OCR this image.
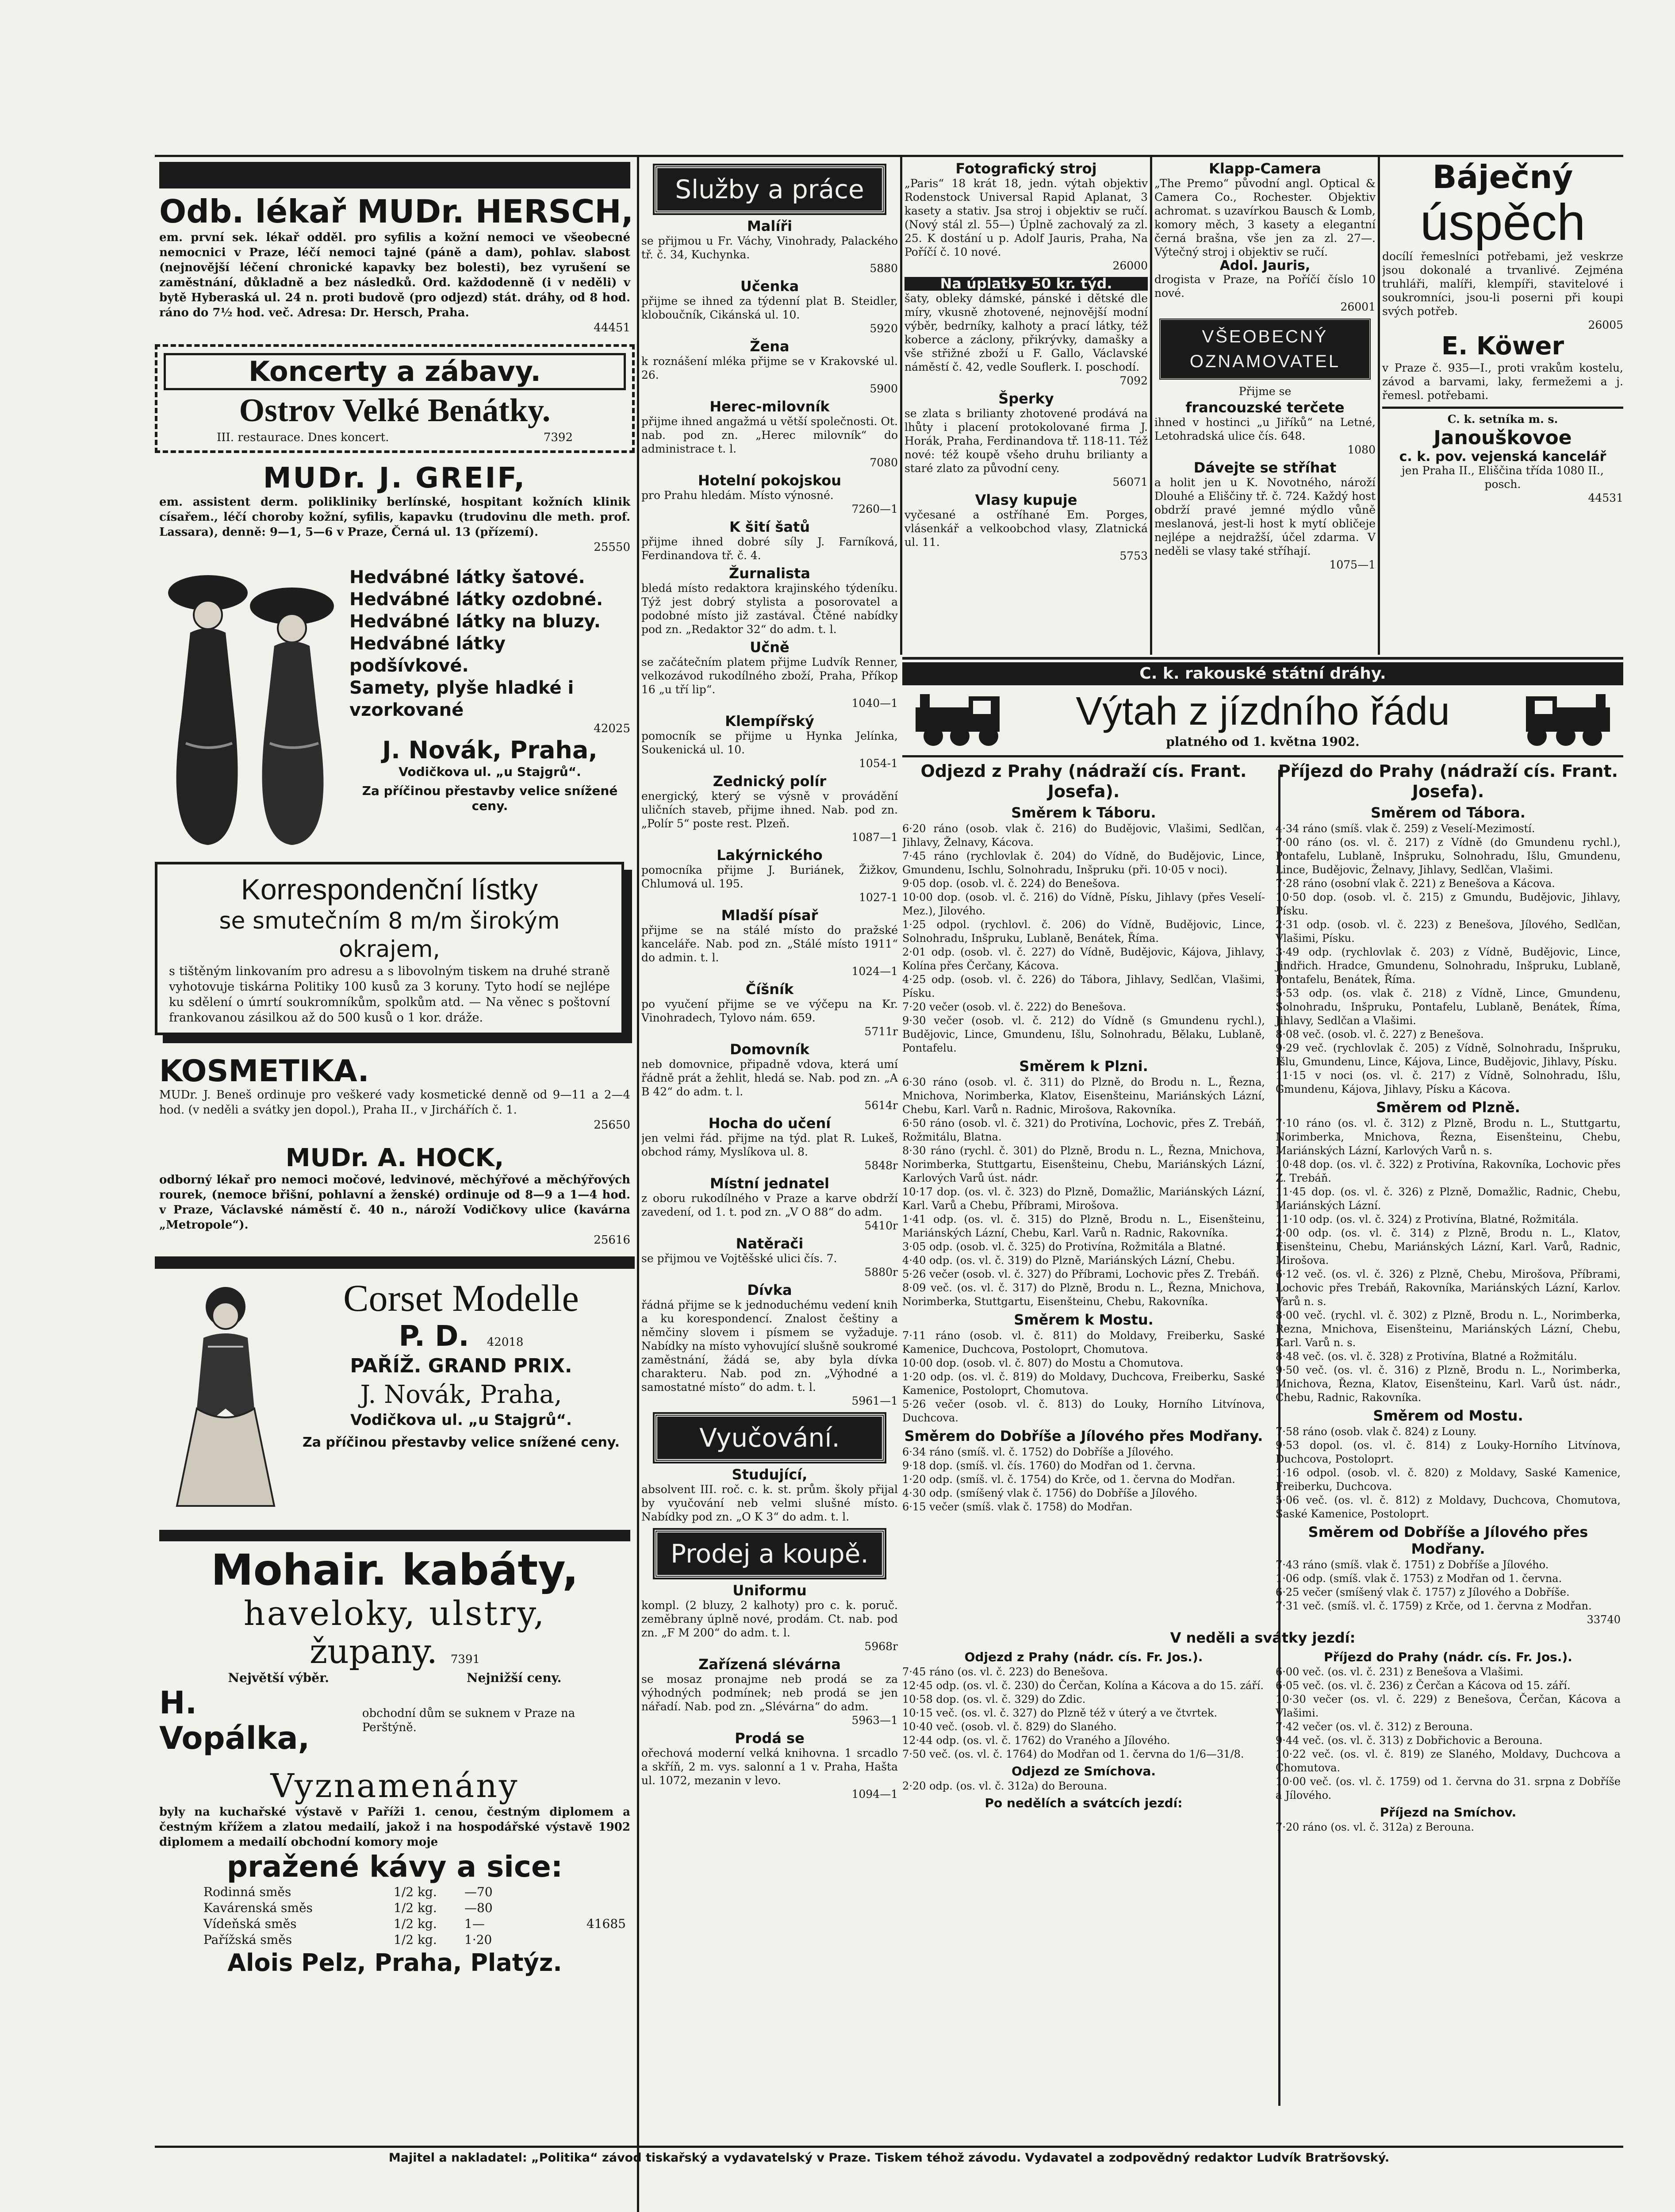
Odb. lékař MUDr. HERSCH,
em. první sek. lékař odděl. pro syfilis a kožní nemoci ve všeobecné nemocnici v Praze, léčí nemoci tajné (páně a dam), pohlav. slabost (nejnovější léčení chronické kapavky bez bolesti), bez vyrušení se zaměstnání, důkladně a bez následků. Ord. každodenně (i v neděli) v bytě Hyberaská ul. 24 n. proti budově (pro odjezd) stát. dráhy, od 8 hod. ráno do 7½ hod. več. Adresa: Dr. Hersch, Praha.
44451
Koncerty a zábavy.
Ostrov Velké Benátky.
III. restaurace. Dnes koncert.	7392
MUDr. J. GREIF,
em. assistent derm. polikliniky berlínské, hospitant kožních klinik císařem., léčí choroby kožní, syfilis, kapavku (trudovinu dle meth. prof. Lassara), denně: 9—1, 5—6 v Praze, Černá ul. 13 (přízemí).
25550
Hedvábné látky šatové.
Hedvábné látky ozdobné.
Hedvábné látky na bluzy.
Hedvábné látky podšívkové.
Samety, plyše hladké i vzorkované
42025
J. Novák, Praha,
Vodičkova ul. „u Stajgrů“.
Za příčinou přestavby velice snížené ceny.
Korrespondenční lístky
se smutečním 8 m/m širokým
okrajem,
s tištěným linkovaním pro adresu a s libovolným tiskem na druhé straně vyhotovuje tiskárna Politiky 100 kusů za 3 koruny. Tyto hodí se nejlépe ku sdělení o úmrtí soukromníkům, spolkům atd. — Na věnec s poštovní frankovanou zásilkou až do 500 kusů o 1 kor. dráže.
KOSMETIKA.
MUDr. J. Beneš ordinuje pro veškeré vady kosmetické denně od 9—11 a 2—4 hod. (v neděli a svátky jen dopol.), Praha II., v Jirchářích č. 1.
25650
MUDr. A. HOCK,
odborný lékař pro nemoci močové, ledvinové, měchýřové a měchýřových rourek, (nemoce břišní, pohlavní a ženské) ordinuje od 8—9 a 1—4 hod. v Praze, Václavské náměstí č. 40 n., nároží Vodičkovy ulice (kavárna „Metropole“).
25616
Corset Modelle
P. D. 42018
PAŘÍŽ. GRAND PRIX.
J. Novák, Praha,
Vodičkova ul. „u Stajgrů“.
Za příčinou přestavby velice snížené ceny.
Mohair. kabáty,
haveloky, ulstry,
župany. 7391
Největší výběr.	Nejnižší ceny.
H. Vopálka,
obchodní dům se suknem v Praze na Perštýně.
Vyznamenány
byly na kuchařské výstavě v Paříži 1. cenou, čestným diplomem a čestným křížem a zlatou medailí, jakož i na hospodářské výstavě 1902 diplomem a medailí obchodní komory moje
pražené kávy a sice:
Rodinná směs	1/2 kg.	—70
Kavárenská směs	1/2 kg.	—80
Vídeňská směs	1/2 kg.	1—	41685
Pařížská směs	1/2 kg.	1·20
Alois Pelz, Praha, Platýz.
Služby a práce
Malíři
se přijmou u Fr. Váchy, Vinohrady, Palackého tř. č. 34, Kuchynka.
5880
Učenka
přijme se ihned za týdenní plat B. Steidler, kloboučník, Cikánská ul. 10.
5920
Žena
k roznášení mléka přijme se v Krakovské ul. 26.
5900
Herec-milovník
přijme ihned angažmá u větší společnosti. Ot. nab. pod zn. „Herec milovník“ do administrace t. l.
7080
Hotelní pokojskou
pro Prahu hledám. Místo výnosné.
7260—1
K šití šatů
přijme ihned dobré síly J. Farníková, Ferdinandova tř. č. 4.
Žurnalista
bledá místo redaktora krajinského týdeníku. Týž jest dobrý stylista a posorovatel a podobné místo již zastával. Čtěné nabídky pod zn. „Redaktor 32“ do adm. t. l.
Učně
se začátečním platem přijme Ludvík Renner, velkozávod rukodílného zboží, Praha, Příkop 16 „u tří lip“.
1040—1
Klempířský
pomocník se přijme u Hynka Jelínka, Soukenická ul. 10.
1054-1
Zednický polír
energický, který se výsně v provádění uličních staveb, přijme ihned. Nab. pod zn. „Polír 5“ poste rest. Plzeň.
1087—1
Lakýrnického
pomocníka přijme J. Buriánek, Žižkov, Chlumová ul. 195.
1027-1
Mladší písař
přijme se na stálé místo do pražské kanceláře. Nab. pod zn. „Stálé místo 1911“ do admin. t. l.
1024—1
Číšník
po vyučení přijme se ve výčepu na Kr. Vinohradech, Tylovo nám. 659.
5711r
Domovník
neb domovnice, připadně vdova, která umí řádně prát a žehlit, hledá se. Nab. pod zn. „A B 42“ do adm. t. l.
5614r
Hocha do učení
jen velmi řád. přijme na týd. plat R. Lukeš, obchod rámy, Myslíkova ul. 8.
5848r
Místní jednatel
z oboru rukodílného v Praze a karve obdrží zavedení, od 1. t. pod zn. „V O 88“ do adm.
5410r
Natěrači
se přijmou ve Vojtěšské ulici čís. 7.
5880r
Dívka
řádná přijme se k jednoduchému vedení knih a ku korespondencí. Znalost češtiny a němčiny slovem i písmem se vyžaduje. Nabídky na místo vyhovující slušně soukromé zaměstnání, žádá se, aby byla dívka charakteru. Nab. pod zn. „Výhodné a samostatné místo“ do adm. t. l.
5961—1
Vyučování.
Studující,
absolvent III. roč. c. k. st. prům. školy přijal by vyučování neb velmi slušné místo. Nabídky pod zn. „O K 3“ do adm. t. l.
Prodej a koupě.
Uniformu
kompl. (2 bluzy, 2 kalhoty) pro c. k. poruč. zeměbrany úplně nové, prodám. Ct. nab. pod zn. „F M 200“ do adm. t. l.
5968r
Zařízená slévárna
se mosaz pronajme neb prodá se za výhodných podmínek; neb prodá se jen nářadí. Nab. pod zn. „Slévárna“ do adm.
5963—1
Prodá se
ořechová moderní velká knihovna. 1 srcadlo a skříň, 2 m. vys. salonní a 1 v. Praha, Hašta ul. 1072, mezanin v levo.
1094—1
Fotografický stroj
„Paris“ 18 krát 18, jedn. výtah objektiv Rodenstock Universal Rapid Aplanat, 3 kasety a stativ. Jsa stroj i objektiv se ručí. (Nový stál zl. 55—) Úplně zachovalý za zl. 25. K dostání u p. Adolf Jauris, Praha, Na Poříčí č. 10 nové.
26000
Na úplatky 50 kr. týd.
šaty, obleky dámské, pánské i dětské dle míry, vkusně zhotovené, nejnovější modní výběr, bedrníky, kalhoty a prací látky, též koberce a záclony, přikrývky, damašky a vše střižné zboží u F. Gallo, Václavské náměstí č. 42, vedle Souflerk. I. poschodí.
7092
Šperky
se zlata s brilianty zhotovené prodává na lhůty i placení protokolované firma J. Horák, Praha, Ferdinandova tř. 118-11. Též nové: též koupě všeho druhu brilianty a staré zlato za původní ceny.
56071
Vlasy kupuje
vyčesané a ostříhané Em. Porges, vlásenkář a velkoobchod vlasy, Zlatnická ul. 11.
5753
Klapp-Camera
„The Premo“ původní angl. Optical & Camera Co., Rochester. Objektiv achromat. s uzavírkou Bausch & Lomb, komory měch, 3 kasety a elegantní černá brašna, vše jen za zl. 27—. Výtečný stroj i objektiv se ručí.
Adol. Jauris,
drogista v Praze, na Poříčí číslo 10 nové.
26001
VŠEOBECNÝ OZNAMOVATEL
Přijme se
francouzské terčete
ihned v hostinci „u Jiříků“ na Letné, Letohradská ulice čís. 648.
1080
Dávejte se stříhat
a holit jen u K. Novotného, nároží Dlouhé a Eliščiny tř. č. 724. Každý host obdrží pravé jemné mýdlo vůně meslanová, jest-li host k mytí obličeje nejlépe a nejdražší, účel zdarma. V neděli se vlasy také stříhají.
1075—1
Báječný
úspěch
docílí řemeslníci potřebami, jež veskrze jsou dokonalé a trvanlivé. Zejména truhláři, malíři, klempíři, stavitelové i soukromníci, jsou-li poserni při koupi svých potřeb.
26005
E. Köwer
v Praze č. 935—I., proti vrakům kostelu, závod a barvami, laky, fermežemi a j. řemesl. potřebami.
C. k. setníka m. s.
Janouškovoe
c. k. pov. vejenská kancelář
jen Praha II., Eliščina třída 1080 II., posch.
44531
C. k. rakouské státní dráhy.
Výtah z jízdního řádu
platného od 1. května 1902.
Odjezd z Prahy (nádraží cís. Frant. Josefa).
Směrem k Táboru.
6·20 ráno (osob. vlak č. 216) do Budějovic, Vlašimi, Sedlčan, Jihlavy, Želnavy, Kácova.
7·45 ráno (rychlovlak č. 204) do Vídně, do Budějovic, Lince, Gmundenu, Ischlu, Solnohradu, Inšpruku (při. 10·05 v noci).
9·05 dop. (osob. vl. č. 224) do Benešova.
10·00 dop. (osob. vl. č. 216) do Vídně, Písku, Jihlavy (přes Veselí-Mez.), Jilového.
1·25 odpol. (rychlovl. č. 206) do Vídně, Budějovic, Lince, Solnohradu, Inšpruku, Lublaně, Benátek, Říma.
2·01 odp. (osob. vl. č. 227) do Vídně, Budějovic, Kájova, Jihlavy, Kolína přes Čerčany, Kácova.
4·25 odp. (osob. vl. č. 226) do Tábora, Jihlavy, Sedlčan, Vlašimi, Písku.
7·20 večer (osob. vl. č. 222) do Benešova.
9·30 večer (osob. vl. č. 212) do Vídně (s Gmundenu rychl.), Budějovic, Lince, Gmundenu, Išlu, Solnohradu, Bělaku, Lublaně, Pontafelu.
Směrem k Plzni.
6·30 ráno (osob. vl. č. 311) do Plzně, do Brodu n. L., Řezna, Mnichova, Norimberka, Klatov, Eisenšteinu, Mariánských Lázní, Chebu, Karl. Varů n. Radnic, Mirošova, Rakovníka.
6·50 ráno (osob. vl. č. 321) do Protivína, Lochovic, přes Z. Trebáň, Rožmitálu, Blatna.
8·30 ráno (rychl. č. 301) do Plzně, Brodu n. L., Řezna, Mnichova, Norimberka, Stuttgartu, Eisenšteinu, Chebu, Mariánských Lázní, Karlových Varů úst. nádr.
10·17 dop. (os. vl. č. 323) do Plzně, Domažlic, Mariánských Lázní, Karl. Varů a Chebu, Příbrami, Mirošova.
1·41 odp. (os. vl. č. 315) do Plzně, Brodu n. L., Eisenšteinu, Mariánských Lázní, Chebu, Karl. Varů n. Radnic, Rakovníka.
3·05 odp. (osob. vl. č. 325) do Protivína, Rožmitála a Blatné.
4·40 odp. (os. vl. č. 319) do Plzně, Mariánských Lázní, Chebu.
5·26 večer (osob. vl. č. 327) do Příbrami, Lochovic přes Z. Trebáň.
8·09 več. (os. vl. č. 317) do Plzně, Brodu n. L., Řezna, Mnichova, Norimberka, Stuttgartu, Eisenšteinu, Chebu, Rakovníka.
Směrem k Mostu.
7·11 ráno (osob. vl. č. 811) do Moldavy, Freiberku, Saské Kamenice, Duchcova, Postoloprt, Chomutova.
10·00 dop. (osob. vl. č. 807) do Mostu a Chomutova.
1·20 odp. (os. vl. č. 819) do Moldavy, Duchcova, Freiberku, Saské Kamenice, Postoloprt, Chomutova.
5·26 večer (osob. vl. č. 813) do Louky, Horního Litvínova, Duchcova.
Směrem do Dobříše a Jílového přes Modřany.
6·34 ráno (smíš. vl. č. 1752) do Dobříše a Jílového.
9·18 dop. (smíš. vl. čís. 1760) do Modřan od 1. června.
1·20 odp. (smíš. vl. č. 1754) do Krče, od 1. června do Modřan.
4·30 odp. (smíšený vlak č. 1756) do Dobříše a Jílového.
6·15 večer (smíš. vlak č. 1758) do Modřan.
Příjezd do Prahy (nádraží cís. Frant. Josefa).
Směrem od Tábora.
4·34 ráno (smíš. vlak č. 259) z Veselí-Mezimostí.
7·00 ráno (os. vl. č. 217) z Vídně (do Gmundenu rychl.), Pontafelu, Lublaně, Inšpruku, Solnohradu, Išlu, Gmundenu, Lince, Budějovic, Želnavy, Jihlavy, Sedlčan, Vlašimi.
7·28 ráno (osobní vlak č. 221) z Benešova a Kácova.
10·50 dop. (osob. vl. č. 215) z Gmundu, Budějovic, Jihlavy, Písku.
2·31 odp. (osob. vl. č. 223) z Benešova, Jílového, Sedlčan, Vlašimi, Písku.
3·49 odp. (rychlovlak č. 203) z Vídně, Budějovic, Lince, Jindřich. Hradce, Gmundenu, Solnohradu, Inšpruku, Lublaně, Pontafelu, Benátek, Říma.
5·53 odp. (os. vlak č. 218) z Vídně, Lince, Gmundenu, Solnohradu, Inšpruku, Pontafelu, Lublaně, Benátek, Říma, Jihlavy, Sedlčan a Vlašimi.
8·08 več. (osob. vl. č. 227) z Benešova.
9·29 več. (rychlovlak č. 205) z Vídně, Solnohradu, Inšpruku, Išlu, Gmundenu, Lince, Kájova, Lince, Budějovic, Jihlavy, Písku.
11·15 v noci (os. vl. č. 217) z Vídně, Solnohradu, Išlu, Gmundenu, Kájova, Jihlavy, Písku a Kácova.
Směrem od Plzně.
7·10 ráno (os. vl. č. 312) z Plzně, Brodu n. L., Stuttgartu, Norimberka, Mnichova, Řezna, Eisenšteinu, Chebu, Mariánských Lázní, Karlových Varů n. s.
10·48 dop. (os. vl. č. 322) z Protivína, Rakovníka, Lochovic přes Z. Trebáň.
11·45 dop. (os. vl. č. 326) z Plzně, Domažlic, Radnic, Chebu, Mariánských Lázní.
11·10 odp. (os. vl. č. 324) z Protivína, Blatné, Rožmitála.
2·00 odp. (os. vl. č. 314) z Plzně, Brodu n. L., Klatov, Eisenšteinu, Chebu, Mariánských Lázní, Karl. Varů, Radnic, Mirošova.
6·12 več. (os. vl. č. 326) z Plzně, Chebu, Mirošova, Příbrami, Lochovic přes Trebáň, Rakovníka, Mariánských Lázní, Karlov. Varů n. s.
8·00 več. (rychl. vl. č. 302) z Plzně, Brodu n. L., Norimberka, Řezna, Mnichova, Eisenšteinu, Mariánských Lázní, Chebu, Karl. Varů n. s.
8·48 več. (os. vl. č. 328) z Protivína, Blatné a Rožmitálu.
9·50 več. (os. vl. č. 316) z Plzně, Brodu n. L., Norimberka, Mnichova, Řezna, Klatov, Eisenšteinu, Karl. Varů úst. nádr., Chebu, Radnic, Rakovníka.
Směrem od Mostu.
7·58 ráno (osob. vlak č. 824) z Louny.
9·53 dopol. (os. vl. č. 814) z Louky-Horního Litvínova, Duchcova, Postoloprt.
1·16 odpol. (osob. vl. č. 820) z Moldavy, Saské Kamenice, Freiberku, Duchcova.
5·06 več. (os. vl. č. 812) z Moldavy, Duchcova, Chomutova, Saské Kamenice, Postoloprt.
Směrem od Dobříše a Jílového přes Modřany.
7·43 ráno (smíš. vlak č. 1751) z Dobříše a Jílového.
1·06 odp. (smíš. vlak č. 1753) z Modřan od 1. června.
6·25 večer (smíšený vlak č. 1757) z Jílového a Dobříše.
7·31 več. (smíš. vl. č. 1759) z Krče, od 1. června z Modřan.
33740
V neděli a svátky jezdí:
Odjezd z Prahy (nádr. cís. Fr. Jos.).
7·45 ráno (os. vl. č. 223) do Benešova.
12·45 odp. (os. vl. č. 230) do Čerčan, Kolína a Kácova a do 15. září.
10·58 dop. (os. vl. č. 329) do Zdic.
10·15 več. (os. vl. č. 327) do Plzně též v úterý a ve čtvrtek.
10·40 več. (osob. vl. č. 829) do Slaného.
12·44 odp. (os. vl. č. 1762) do Vraného a Jílového.
7·50 več. (os. vl. č. 1764) do Modřan od 1. června do 1/6—31/8.
Odjezd ze Smíchova.
2·20 odp. (os. vl. č. 312a) do Berouna.
Po nedělích a svátcích jezdí:
Příjezd do Prahy (nádr. cís. Fr. Jos.).
6·00 več. (os. vl. č. 231) z Benešova a Vlašimi.
6·05 več. (os. vl. č. 236) z Čerčan a Kácova od 15. září.
10·30 večer (os. vl. č. 229) z Benešova, Čerčan, Kácova a Vlašimi.
7·42 večer (os. vl. č. 312) z Berouna.
9·44 več. (os. vl. č. 313) z Dobřichovic a Berouna.
10·22 več. (os. vl. č. 819) ze Slaného, Moldavy, Duchcova a Chomutova.
10·00 več. (os. vl. č. 1759) od 1. června do 31. srpna z Dobříše a Jílového.
Příjezd na Smíchov.
7·20 ráno (os. vl. č. 312a) z Berouna.
Majitel a nakladatel: „Politika“ závod tiskařský a vydavatelský v Praze. Tiskem téhož závodu. Vydavatel a zodpovědný redaktor Ludvík Bratršovský.
